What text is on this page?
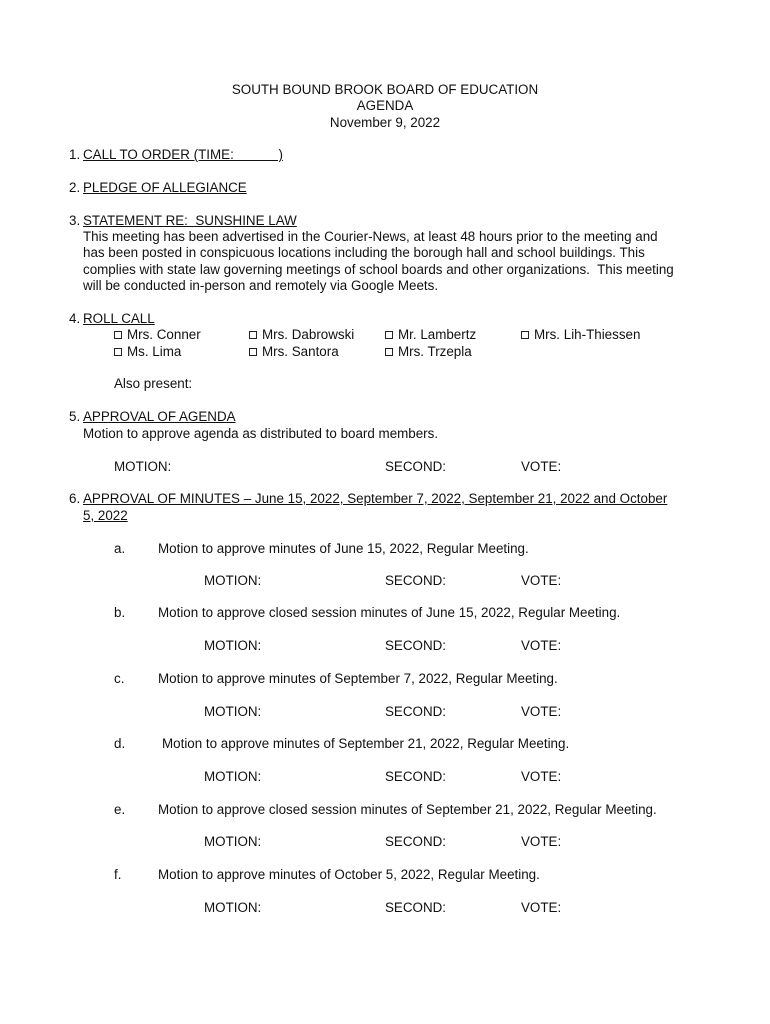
SOUTH BOUND BROOK BOARD OF EDUCATION
AGENDA
November 9, 2022
1. CALL TO ORDER (TIME:            )
2. PLEDGE OF ALLEGIANCE
3. STATEMENT RE:  SUNSHINE LAW
This meeting has been advertised in the Courier-News, at least 48 hours prior to the meeting and
has been posted in conspicuous locations including the borough hall and school buildings. This
complies with state law governing meetings of school boards and other organizations.  This meeting
will be conducted in-person and remotely via Google Meets.
4. ROLL CALL
Mrs. Conner	Mrs. Dabrowski	Mr. Lambertz	Mrs. Lih-Thiessen
Ms. Lima	Mrs. Santora	Mrs. Trzepla
Also present:
5. APPROVAL OF AGENDA
Motion to approve agenda as distributed to board members.
MOTION:	SECOND:	VOTE:
6. APPROVAL OF MINUTES – June 15, 2022, September 7, 2022, September 21, 2022 and October
5, 2022
a. Motion to approve minutes of June 15, 2022, Regular Meeting.
MOTION:	SECOND:	VOTE:
b. Motion to approve closed session minutes of June 15, 2022, Regular Meeting.
MOTION:	SECOND:	VOTE:
c.	Motion to approve minutes of September 7, 2022, Regular Meeting.
MOTION:	SECOND:	VOTE:
d.	Motion to approve minutes of September 21, 2022, Regular Meeting.
MOTION:	SECOND:	VOTE:
e. Motion to approve closed session minutes of September 21, 2022, Regular Meeting.
MOTION:	SECOND:	VOTE:
f.	Motion to approve minutes of October 5, 2022, Regular Meeting.
MOTION:	SECOND:	VOTE:
